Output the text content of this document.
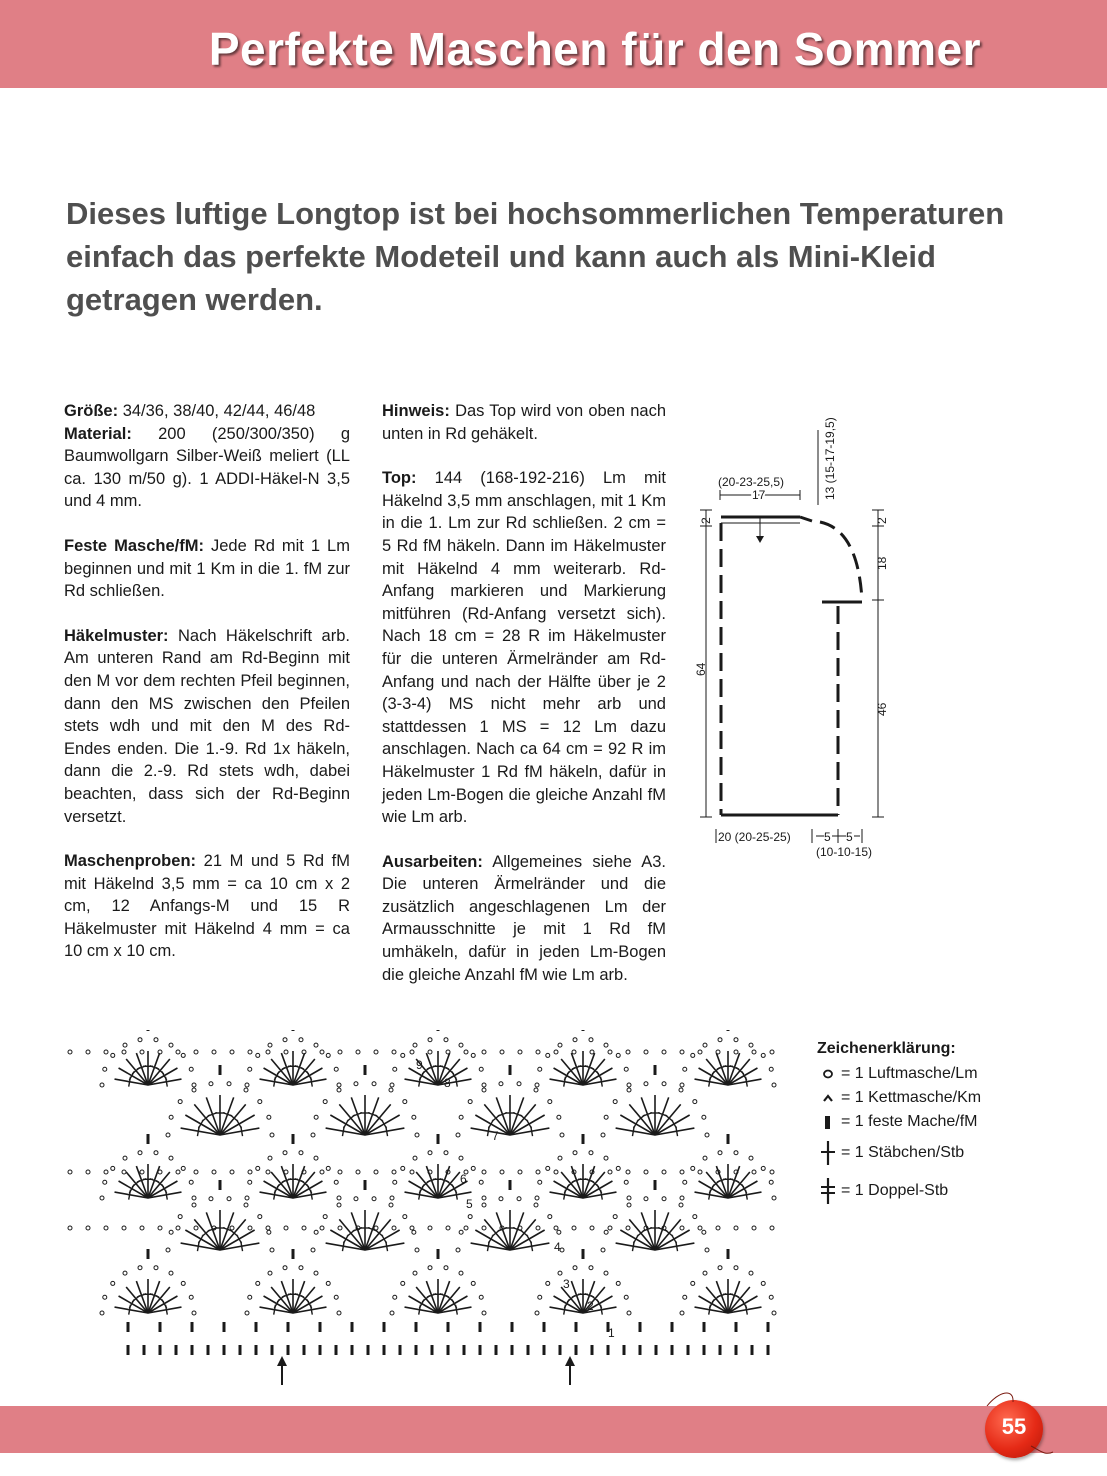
Perfekte Maschen für den Sommer

Dieses luftige Longtop ist bei hochsommerlichen Temperaturen einfach das perfekte Modeteil und kann auch als Mini-Kleid getragen werden.

Größe: 34/36, 38/40, 42/44, 46/48
Material: 200 (250/300/350) g Baumwollgarn Silber-Weiß meliert (LL ca. 130 m/50 g). 1 ADDI-Häkel-N 3,5 und 4 mm.

Feste Masche/fM: Jede Rd mit 1 Lm beginnen und mit 1 Km in die 1. fM zur Rd schließen.

Häkelmuster: Nach Häkelschrift arb. Am unteren Rand am Rd-Beginn mit den M vor dem rechten Pfeil beginnen, dann den MS zwischen den Pfeilen stets wdh und mit den M des Rd-Endes enden. Die 1.-9. Rd 1x häkeln, dann die 2.-9. Rd stets wdh, dabei beachten, dass sich der Rd-Beginn versetzt.

Maschenproben: 21 M und 5 Rd fM mit Häkelnd 3,5 mm = ca 10 cm x 2 cm, 12 Anfangs-M und 15 R Häkelmuster mit Häkelnd 4 mm = ca 10 cm x 10 cm.

Hinweis: Das Top wird von oben nach unten in Rd gehäkelt.

Top: 144 (168-192-216) Lm mit Häkelnd 3,5 mm anschlagen, mit 1 Km in die 1. Lm zur Rd schließen. 2 cm = 5 Rd fM häkeln. Dann im Häkelmuster mit Häkelnd 4 mm weiterarb. Rd-Anfang markieren und Markierung mitführen (Rd-Anfang versetzt sich). Nach 18 cm = 28 R im Häkelmuster für die unteren Ärmelränder am Rd-Anfang und nach der Hälfte über je 2 (3-3-4) MS nicht mehr arb und stattdessen 1 MS = 12 Lm dazu anschlagen. Nach ca 64 cm = 92 R im Häkelmuster 1 Rd fM häkeln, dafür in jeden Lm-Bogen die gleiche Anzahl fM wie Lm arb.

Ausarbeiten: Allgemeines siehe A3. Die unteren Ärmelränder und die zusätzlich angeschlagenen Lm der Armausschnitte je mit 1 Rd fM umhäkeln, dafür in jeden Lm-Bogen die gleiche Anzahl fM wie Lm arb.

(20-23-25,5)
17	13 (15-17-19,5)
2	2
18
64
46
20 (20-25-25)	5 5
(10-10-15)
1
2
3
4
5
6
7
8
9
Zeichenerklärung:
= 1 Luftmasche/Lm
= 1 Kettmasche/Km
= 1 feste Mache/fM
= 1 Stäbchen/Stb
= 1 Doppel-Stb
55
